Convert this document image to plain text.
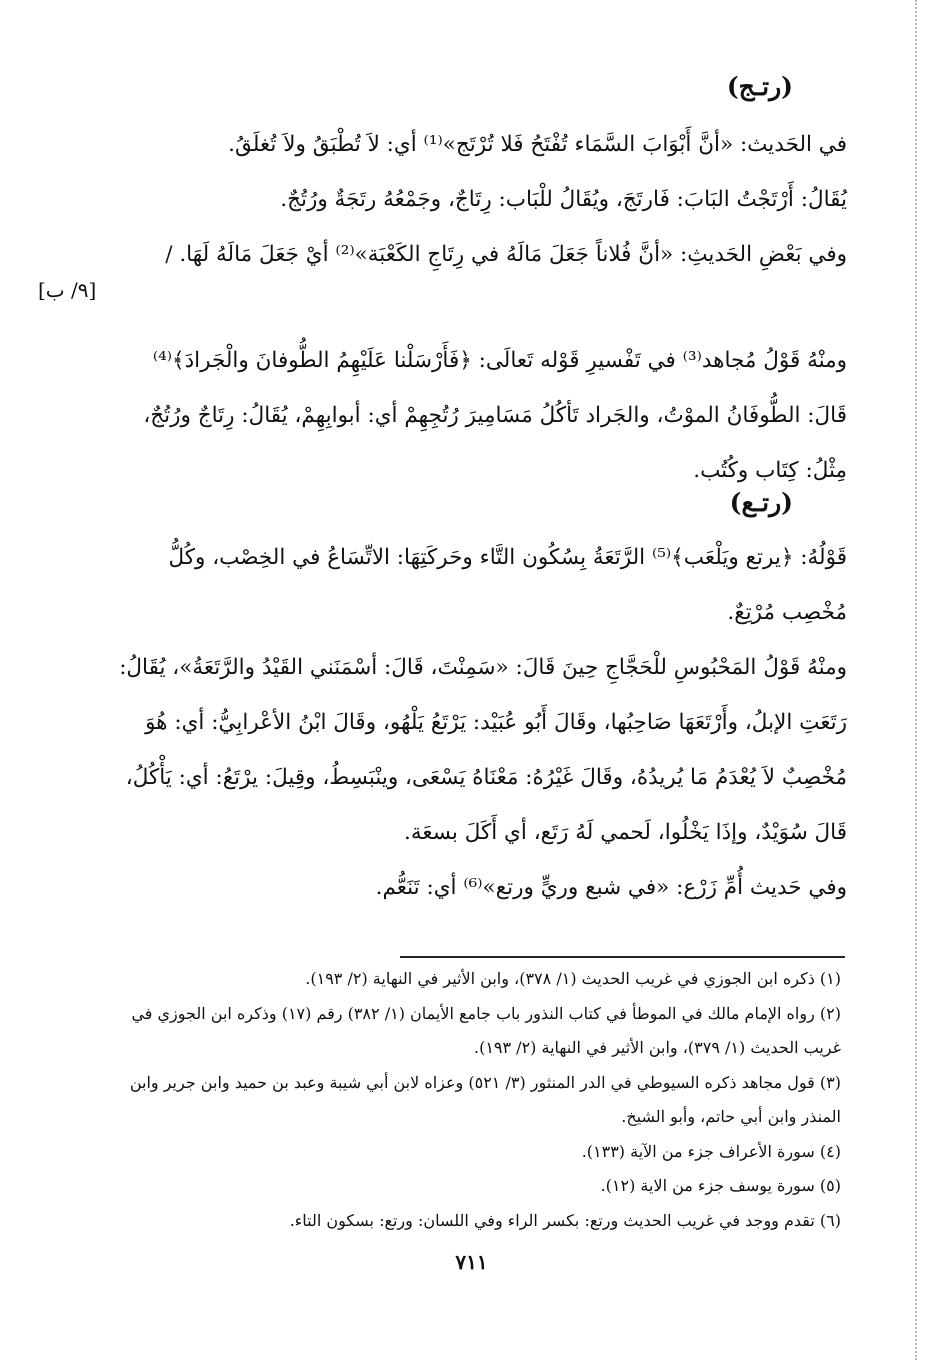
(رتـج)

في الحَديث: «أنَّ أَبْوَابَ السَّمَاء تُفْتَحُ فَلا تُرْتَج»⁽¹⁾ أي: لاَ تُطْبَقُ ولاَ تُغلَقُ.

يُقَالُ: أَرْتَجْتُ البَابَ: فَارتَجَ، ويُقَالُ للْبَاب: رِتَاجٌ، وجَمْعُهُ رتَجَةٌ ورُتُجٌ.

وفي بَعْضِ الحَديثِ: «أنَّ فُلاناً جَعَلَ مَالَهُ في رِتَاجِ الكَعْبَة»⁽²⁾ أيْ جَعَلَ مَالَهُ لَهَا. /

[٩/ ب]

ومنْهُ قَوْلُ مُجاهد⁽³⁾ في تَفْسيرِ قَوْله تَعالَى: ﴿فَأَرْسَلْنا عَلَيْهِمُ الطُّوفانَ والْجَرادَ﴾⁽⁴⁾ قَالَ: الطُّوفَانُ الموْتُ، والجَراد تَأكُلُ مَسَامِيرَ رُتُجِهِمْ أي: أبوابِهِمْ، يُقَالُ: رِتَاجٌ ورُتُجٌ، مِثْلُ: كِتَاب وكُتُب.

(رتـع)

قَوْلُهُ: ﴿يرتع ويَلْعَب﴾⁽⁵⁾ الرَّتَعَةُ بِسُكُون التَّاء وحَركَتِهَا: الاتِّسَاعُ في الخِصْب، وكُلُّ مُخْصِب مُرْتِعٌ.

ومنْهُ قَوْلُ المَحْبُوسِ للْحَجَّاجِ حِينَ قَالَ: «سَمِنْتَ، قَالَ: أسْمَنَني القَيْدُ والرَّتَعَةُ»، يُقَالُ: رَتَعَتِ الإبلُ، وأَرْتَعَهَا صَاحِبُها، وقَالَ أَبُو عُبَيْد: يَرْتَعُ يَلْهُو، وقَالَ ابْنُ الأعْرابِيُّ: أي: هُوَ مُخْصِبٌ لاَ يُعْدَمُ مَا يُريدُهُ، وقَالَ غَيْرُهُ: مَعْنَاهُ يَسْعَى، وينْبَسِطُ، وقِيلَ: يرْتَعُ: أي: يَأْكُلُ، قَالَ سُوَيْدٌ، وإذَا يَخْلُوا، لَحمي لَهُ رَتَع، أي أَكَلَ بسعَة.

وفي حَديث أُمِّ زَرْع: «في شبع وريٍّ ورتع»⁽⁶⁾ أي: تَنَعُّم.

(١) ذكره ابن الجوزي في غريب الحديث (١/ ٣٧٨)، وابن الأثير في النهاية (٢/ ١٩٣).

(٢) رواه الإمام مالك في الموطأ في كتاب النذور باب جامع الأيمان (١/ ٣٨٢) رقم (١٧) وذكره ابن الجوزي في غريب الحديث (١/ ٣٧٩)، وابن الأثير في النهاية (٢/ ١٩٣).

(٣) قول مجاهد ذكره السيوطي في الدر المنثور (٣/ ٥٢١) وعزاه لابن أبي شيبة وعبد بن حميد وابن جرير وابن المنذر وابن أبي حاتم، وأبو الشيخ.

(٤) سورة الأعراف جزء من الآية (١٣٣).

(٥) سورة يوسف جزء من الاية (١٢).

(٦) تقدم ووجد في غريب الحديث ورتع: بكسر الراء وفي اللسان: ورتع: بسكون التاء.

٧١١
